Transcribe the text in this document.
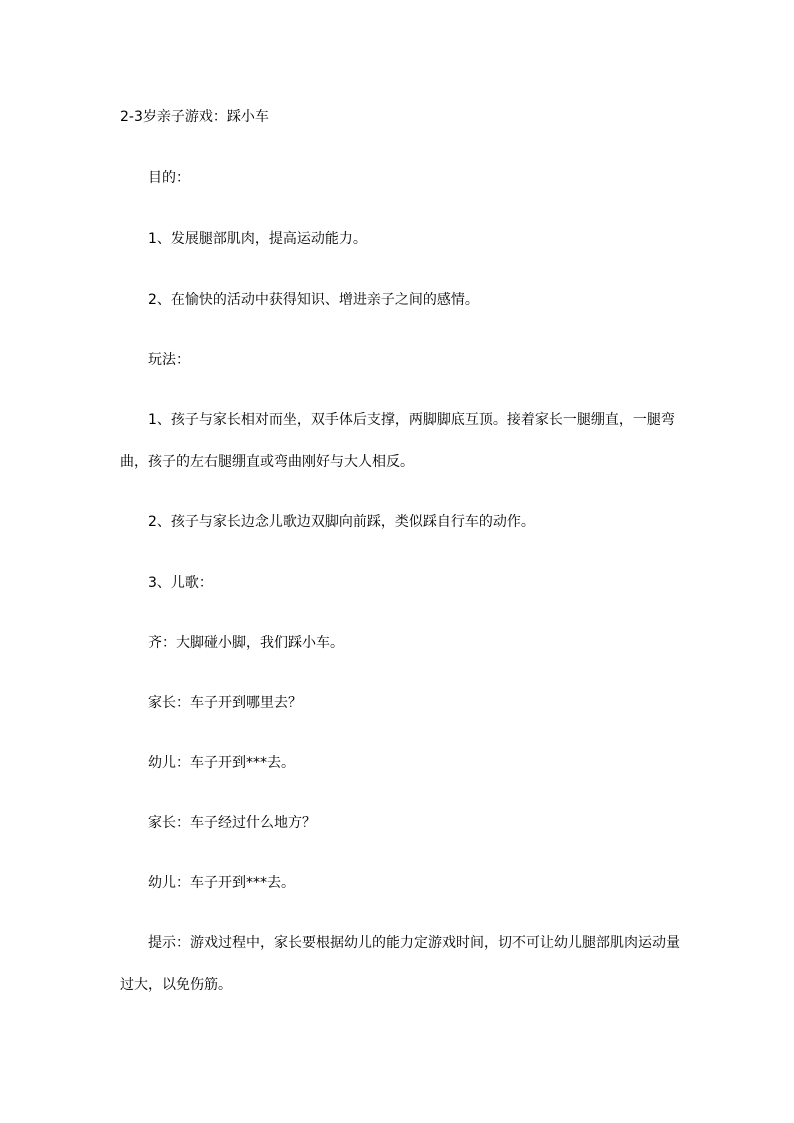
2-3岁亲子游戏：踩小车
目的：
1、发展腿部肌肉，提高运动能力。
2、在愉快的活动中获得知识、增进亲子之间的感情。
玩法：
1、孩子与家长相对而坐，双手体后支撑，两脚脚底互顶。接着家长一腿绷直，一腿弯
曲，孩子的左右腿绷直或弯曲刚好与大人相反。
2、孩子与家长边念儿歌边双脚向前踩，类似踩自行车的动作。
3、儿歌：
齐：大脚碰小脚，我们踩小车。
家长：车子开到哪里去？
幼儿：车子开到***去。
家长：车子经过什么地方？
幼儿：车子开到***去。
提示：游戏过程中，家长要根据幼儿的能力定游戏时间，切不可让幼儿腿部肌肉运动量
过大，以免伤筋。
